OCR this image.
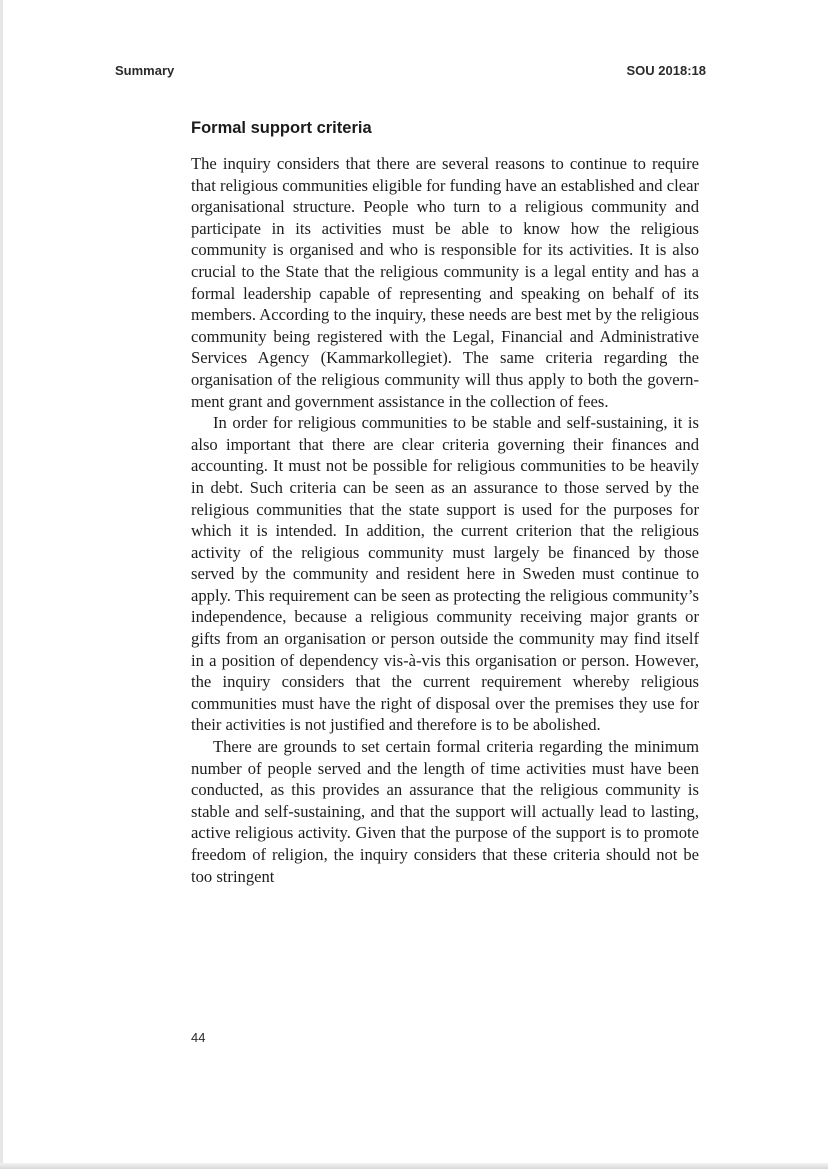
Summary	SOU 2018:18
Formal support criteria

The inquiry considers that there are several reasons to continue to require that religious communities eligible for funding have an established and clear organisational structure. People who turn to a religious community and participate in its activities must be able to know how the religious community is organised and who is responsible for its activities. It is also crucial to the State that the religious community is a legal entity and has a formal leadership capable of representing and speaking on behalf of its members. According to the inquiry, these needs are best met by the religious community being registered with the Legal, Financial and Administrative Services Agency (Kammarkollegiet). The same criteria regarding the organisation of the religious community will thus apply to both the government grant and government assistance in the collection of fees.

In order for religious communities to be stable and self-sustaining, it is also important that there are clear criteria governing their finances and accounting. It must not be possible for religious communities to be heavily in debt. Such criteria can be seen as an assurance to those served by the religious communities that the state support is used for the purposes for which it is intended. In addition, the current criterion that the religious activity of the religious community must largely be financed by those served by the community and resident here in Sweden must continue to apply. This requirement can be seen as protecting the religious community’s independence, because a religious community receiving major grants or gifts from an organisation or person outside the community may find itself in a position of dependency vis-à-vis this organisation or person. However, the inquiry considers that the current requirement whereby religious communities must have the right of disposal over the premises they use for their activities is not justified and therefore is to be abolished.

There are grounds to set certain formal criteria regarding the minimum number of people served and the length of time activities must have been conducted, as this provides an assurance that the religious community is stable and self-sustaining, and that the support will actually lead to lasting, active religious activity. Given that the purpose of the support is to promote freedom of religion, the inquiry considers that these criteria should not be too stringent

44
